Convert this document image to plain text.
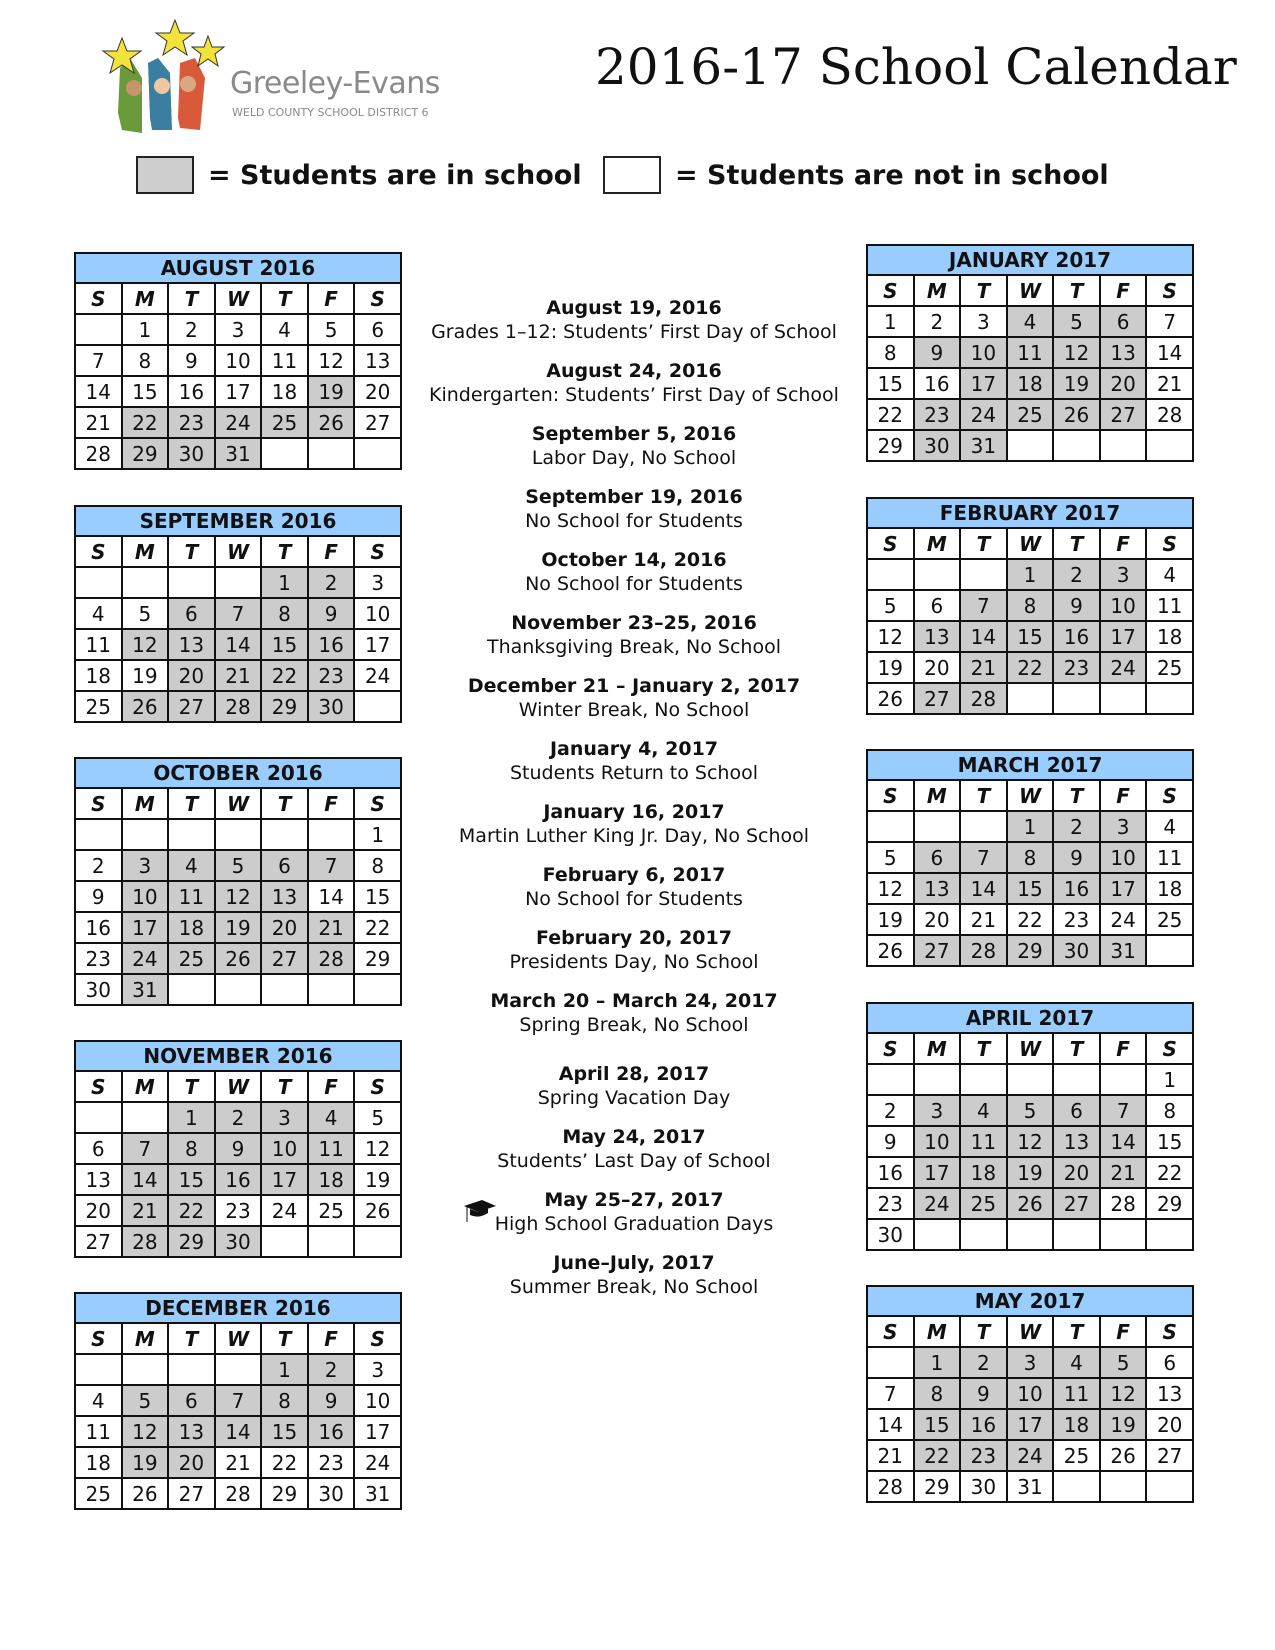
Greeley-Evans
WELD COUNTY SCHOOL DISTRICT 6
2016-17 School Calendar
= Students are in school	= Students are not in school
AUGUST 2016						
S	M	T	W	T	F	S
	1	2	3	4	5	6
7	8	9	10	11	12	13
14	15	16	17	18	19	20
21	22	23	24	25	26	27
28	29	30	31			
SEPTEMBER 2016						
S	M	T	W	T	F	S
				1	2	3
4	5	6	7	8	9	10
11	12	13	14	15	16	17
18	19	20	21	22	23	24
25	26	27	28	29	30	
OCTOBER 2016						
S	M	T	W	T	F	S
						1
2	3	4	5	6	7	8
9	10	11	12	13	14	15
16	17	18	19	20	21	22
23	24	25	26	27	28	29
30	31					
NOVEMBER 2016						
S	M	T	W	T	F	S
		1	2	3	4	5
6	7	8	9	10	11	12
13	14	15	16	17	18	19
20	21	22	23	24	25	26
27	28	29	30			
DECEMBER 2016						
S	M	T	W	T	F	S
				1	2	3
4	5	6	7	8	9	10
11	12	13	14	15	16	17
18	19	20	21	22	23	24
25	26	27	28	29	30	31
JANUARY 2017						
S	M	T	W	T	F	S
1	2	3	4	5	6	7
8	9	10	11	12	13	14
15	16	17	18	19	20	21
22	23	24	25	26	27	28
29	30	31				
FEBRUARY 2017						
S	M	T	W	T	F	S
			1	2	3	4
5	6	7	8	9	10	11
12	13	14	15	16	17	18
19	20	21	22	23	24	25
26	27	28				
MARCH 2017						
S	M	T	W	T	F	S
			1	2	3	4
5	6	7	8	9	10	11
12	13	14	15	16	17	18
19	20	21	22	23	24	25
26	27	28	29	30	31	
APRIL 2017						
S	M	T	W	T	F	S
						1
2	3	4	5	6	7	8
9	10	11	12	13	14	15
16	17	18	19	20	21	22
23	24	25	26	27	28	29
30						
MAY 2017						
S	M	T	W	T	F	S
	1	2	3	4	5	6
7	8	9	10	11	12	13
14	15	16	17	18	19	20
21	22	23	24	25	26	27
28	29	30	31			
August 19, 2016
Grades 1–12: Students’ First Day of School
August 24, 2016
Kindergarten: Students’ First Day of School
September 5, 2016
Labor Day, No School
September 19, 2016
No School for Students
October 14, 2016
No School for Students
November 23–25, 2016
Thanksgiving Break, No School
December 21 – January 2, 2017
Winter Break, No School
January 4, 2017
Students Return to School
January 16, 2017
Martin Luther King Jr. Day, No School
February 6, 2017
No School for Students
February 20, 2017
Presidents Day, No School
March 20 – March 24, 2017
Spring Break, No School
April 28, 2017
Spring Vacation Day
May 24, 2017
Students’ Last Day of School
May 25–27, 2017
High School Graduation Days
June–July, 2017
Summer Break, No School
